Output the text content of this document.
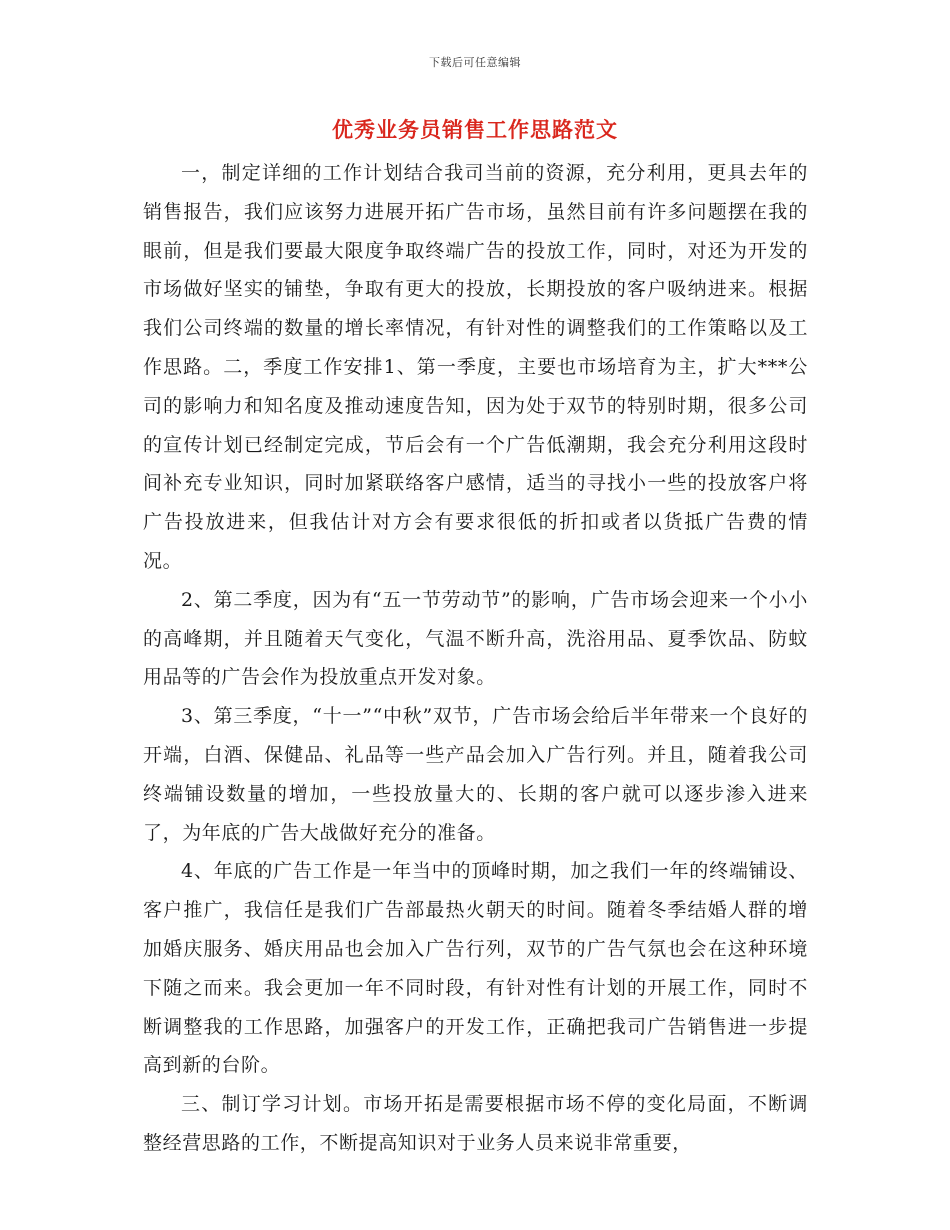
下载后可任意编辑
优秀业务员销售工作思路范文

一，制定详细的工作计划结合我司当前的资源，充分利用，更具去年的销售报告，我们应该努力进展开拓广告市场，虽然目前有许多问题摆在我的眼前，但是我们要最大限度争取终端广告的投放工作，同时，对还为开发的市场做好坚实的铺垫，争取有更大的投放，长期投放的客户吸纳进来。根据我们公司终端的数量的增长率情况，有针对性的调整我们的工作策略以及工作思路。二，季度工作安排1、第一季度，主要也市场培育为主，扩大***公司的影响力和知名度及推动速度告知，因为处于双节的特别时期，很多公司的宣传计划已经制定完成，节后会有一个广告低潮期，我会充分利用这段时间补充专业知识，同时加紧联络客户感情，适当的寻找小一些的投放客户将广告投放进来，但我估计对方会有要求很低的折扣或者以货抵广告费的情况。

2、第二季度，因为有“五一节劳动节”的影响，广告市场会迎来一个小小的高峰期，并且随着天气变化，气温不断升高，洗浴用品、夏季饮品、防蚊用品等的广告会作为投放重点开发对象。

3、第三季度，“十一”“中秋”双节，广告市场会给后半年带来一个良好的开端，白酒、保健品、礼品等一些产品会加入广告行列。并且，随着我公司终端铺设数量的增加，一些投放量大的、长期的客户就可以逐步渗入进来了，为年底的广告大战做好充分的准备。

4、年底的广告工作是一年当中的顶峰时期，加之我们一年的终端铺设、客户推广，我信任是我们广告部最热火朝天的时间。随着冬季结婚人群的增加婚庆服务、婚庆用品也会加入广告行列，双节的广告气氛也会在这种环境下随之而来。我会更加一年不同时段，有针对性有计划的开展工作，同时不断调整我的工作思路，加强客户的开发工作，正确把我司广告销售进一步提高到新的台阶。

三、制订学习计划。市场开拓是需要根据市场不停的变化局面，不断调整经营思路的工作，不断提高知识对于业务人员来说非常重要，
